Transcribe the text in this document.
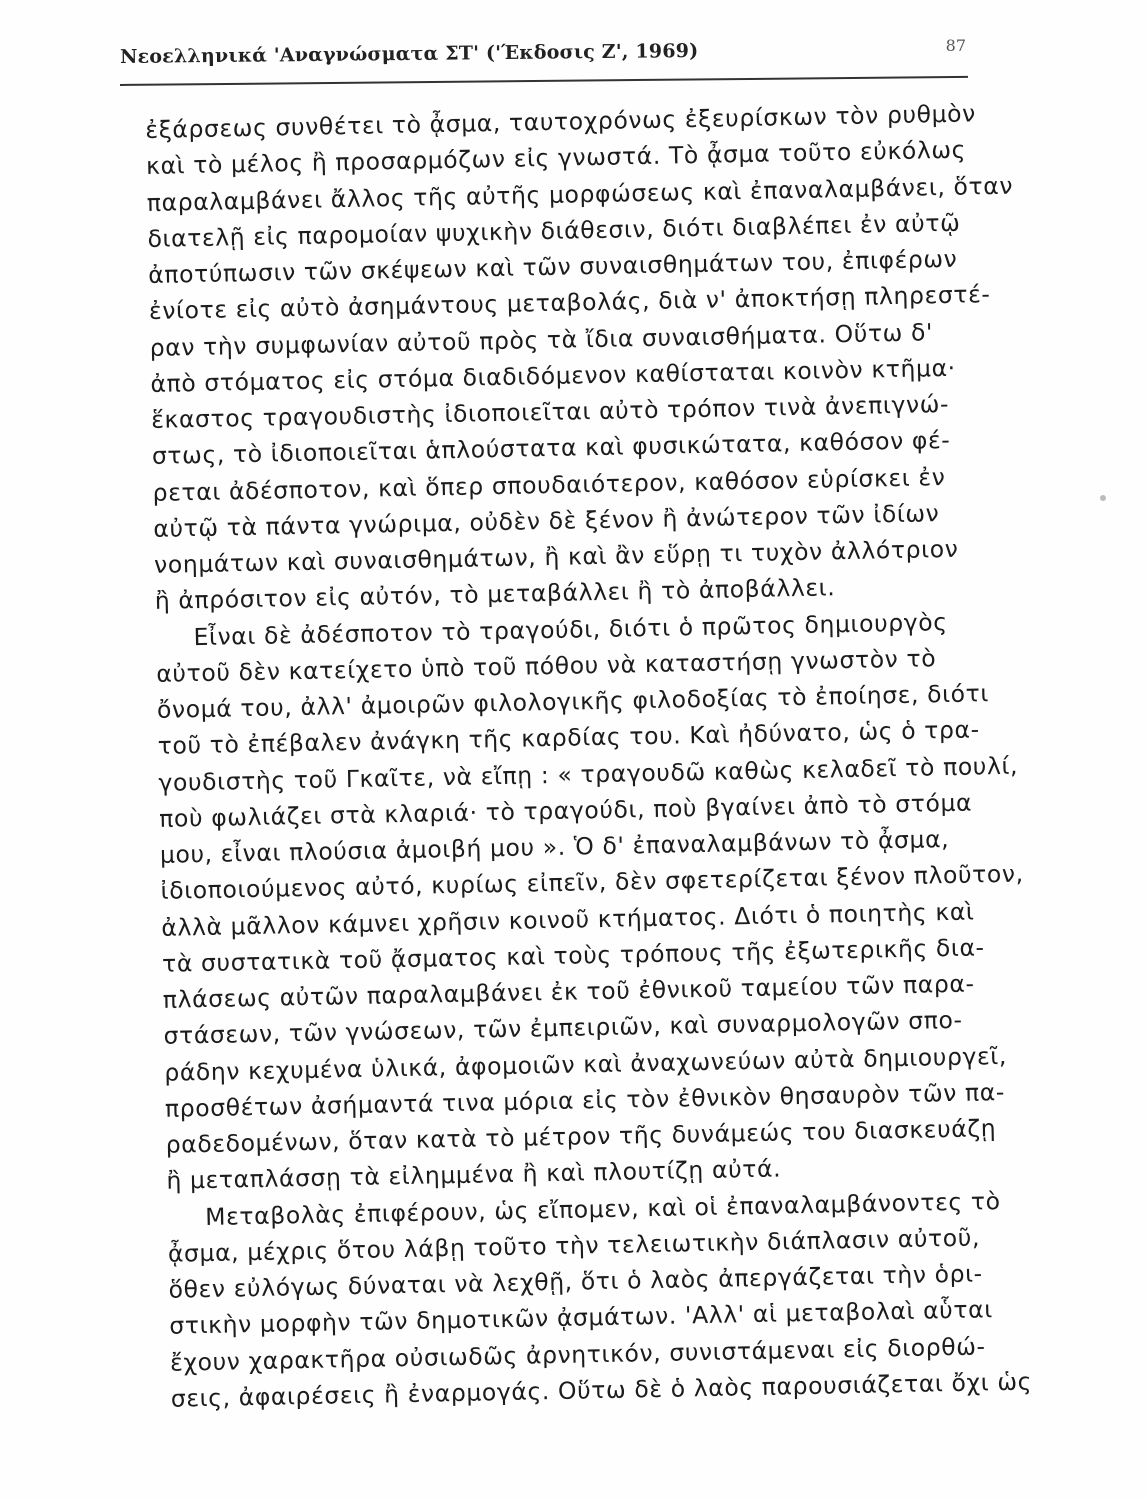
Νεοελληνικά 'Αναγνώσματα ΣΤ' ('Έκδοσις Ζ', 1969)	87
ἐξάρσεως συνθέτει τὸ ᾆσμα, ταυτοχρόνως ἐξευρίσκων τὸν ρυθμὸν
καὶ τὸ μέλος ἢ προσαρμόζων εἰς γνωστά. Τὸ ᾆσμα τοῦτο εὐκόλως
παραλαμβάνει ἄλλος τῆς αὐτῆς μορφώσεως καὶ ἐπαναλαμβάνει, ὅταν
διατελῇ εἰς παρομοίαν ψυχικὴν διάθεσιν, διότι διαβλέπει ἐν αὐτῷ
ἀποτύπωσιν τῶν σκέψεων καὶ τῶν συναισθημάτων του, ἐπιφέρων
ἐνίοτε εἰς αὐτὸ ἀσημάντους μεταβολάς, διὰ ν' ἀποκτήσῃ πληρεστέ-
ραν τὴν συμφωνίαν αὐτοῦ πρὸς τὰ ἴδια συναισθήματα. Οὕτω δ'
ἀπὸ στόματος εἰς στόμα διαδιδόμενον καθίσταται κοινὸν κτῆμα·
ἕκαστος τραγουδιστὴς ἰδιοποιεῖται αὐτὸ τρόπον τινὰ ἀνεπιγνώ-
στως, τὸ ἰδιοποιεῖται ἁπλούστατα καὶ φυσικώτατα, καθόσον φέ-
ρεται ἀδέσποτον, καὶ ὅπερ σπουδαιότερον, καθόσον εὑρίσκει ἐν
αὐτῷ τὰ πάντα γνώριμα, οὐδὲν δὲ ξένον ἢ ἀνώτερον τῶν ἰδίων
νοημάτων καὶ συναισθημάτων, ἢ καὶ ἂν εὕρῃ τι τυχὸν ἀλλότριον
ἢ ἀπρόσιτον εἰς αὐτόν, τὸ μεταβάλλει ἢ τὸ ἀποβάλλει.
Εἶναι δὲ ἀδέσποτον τὸ τραγούδι, διότι ὁ πρῶτος δημιουργὸς
αὐτοῦ δὲν κατείχετο ὑπὸ τοῦ πόθου νὰ καταστήσῃ γνωστὸν τὸ
ὄνομά του, ἀλλ' ἀμοιρῶν φιλολογικῆς φιλοδοξίας τὸ ἐποίησε, διότι
τοῦ τὸ ἐπέβαλεν ἀνάγκη τῆς καρδίας του. Καὶ ἠδύνατο, ὡς ὁ τρα-
γουδιστὴς τοῦ Γκαῖτε, νὰ εἴπῃ : « τραγουδῶ καθὼς κελαδεῖ τὸ πουλί,
ποὺ φωλιάζει στὰ κλαριά· τὸ τραγούδι, ποὺ βγαίνει ἀπὸ τὸ στόμα
μου, εἶναι πλούσια ἀμοιβή μου ». Ὁ δ' ἐπαναλαμβάνων τὸ ᾆσμα,
ἰδιοποιούμενος αὐτό, κυρίως εἰπεῖν, δὲν σφετερίζεται ξένον πλοῦτον,
ἀλλὰ μᾶλλον κάμνει χρῆσιν κοινοῦ κτήματος. Διότι ὁ ποιητὴς καὶ
τὰ συστατικὰ τοῦ ᾄσματος καὶ τοὺς τρόπους τῆς ἐξωτερικῆς δια-
πλάσεως αὐτῶν παραλαμβάνει ἐκ τοῦ ἐθνικοῦ ταμείου τῶν παρα-
στάσεων, τῶν γνώσεων, τῶν ἐμπειριῶν, καὶ συναρμολογῶν σπο-
ράδην κεχυμένα ὑλικά, ἀφομοιῶν καὶ ἀναχωνεύων αὐτὰ δημιουργεῖ,
προσθέτων ἀσήμαντά τινα μόρια εἰς τὸν ἐθνικὸν θησαυρὸν τῶν πα-
ραδεδομένων, ὅταν κατὰ τὸ μέτρον τῆς δυνάμεώς του διασκευάζῃ
ἢ μεταπλάσσῃ τὰ εἰλημμένα ἢ καὶ πλουτίζῃ αὐτά.
Μεταβολὰς ἐπιφέρουν, ὡς εἴπομεν, καὶ οἱ ἐπαναλαμβάνοντες τὸ
ᾆσμα, μέχρις ὅτου λάβῃ τοῦτο τὴν τελειωτικὴν διάπλασιν αὐτοῦ,
ὅθεν εὐλόγως δύναται νὰ λεχθῇ, ὅτι ὁ λαὸς ἀπεργάζεται τὴν ὁρι-
στικὴν μορφὴν τῶν δημοτικῶν ᾀσμάτων. 'Αλλ' αἱ μεταβολαὶ αὗται
ἔχουν χαρακτῆρα οὐσιωδῶς ἀρνητικόν, συνιστάμεναι εἰς διορθώ-
σεις, ἀφαιρέσεις ἢ ἐναρμογάς. Οὕτω δὲ ὁ λαὸς παρουσιάζεται ὄχι ὡς
